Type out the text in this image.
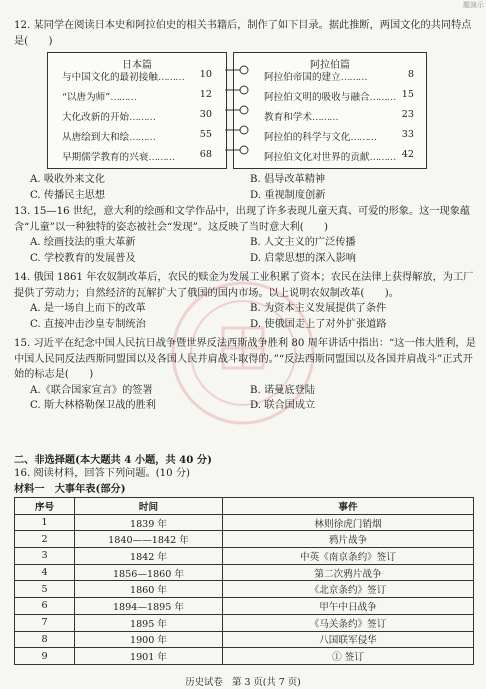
题演示

12. 某同学在阅读日本史和阿拉伯史的相关书籍后，制作了如下目录。据此推断，两国文化的共同特点是(　　)

日本篇
与中国文化的最初接触……… 10
“以唐为师”………	12
大化改新的开始………	30
从唐绘到大和绘………	55
早期儒学教育的兴衰………	68
阿拉伯篇
阿拉伯帝国的建立………	8
阿拉伯文明的吸收与融合……… 15
教育和学术………	23
阿拉伯的科学与文化………	33
阿拉伯文化对世界的贡献……… 42
A. 吸收外来文化	B. 倡导改革精神
C. 传播民主思想	D. 重视制度创新

13. 15—16 世纪，意大利的绘画和文学作品中，出现了许多表现儿童天真、可爱的形象。这一现象蕴含“儿童”以一种独特的姿态被社会“发现”。这反映了当时意大利(　　)

A. 绘画技法的重大革新	B. 人文主义的广泛传播
C. 学校教育的发展普及	D. 启蒙思想的深入影响

14. 俄国 1861 年农奴制改革后，农民的赎金为发展工业积累了资本；农民在法律上获得解放，为工厂提供了劳动力；自然经济的瓦解扩大了俄国的国内市场。以上说明农奴制改革(　　)。

A. 是一场自上而下的改革	B. 为资本主义发展提供了条件
C. 直接冲击沙皇专制统治	D. 使俄国走上了对外扩张道路

15. 习近平在纪念中国人民抗日战争暨世界反法西斯战争胜利 80 周年讲话中指出：“这一伟大胜利，是中国人民同反法西斯同盟国以及各国人民并肩战斗取得的。”“反法西斯同盟国以及各国并肩战斗”正式开始的标志是(　　)

A.《联合国家宣言》的签署	B. 诺曼底登陆
C. 斯大林格勒保卫战的胜利	D. 联合国成立
二、非选择题(本大题共 4 小题，共 40 分)

16. 阅读材料，回答下列问题。(10 分)

材料一　大事年表(部分)

序号	时间	事件
1	1839 年	林则徐虎门销烟
2	1840——1842 年	鸦片战争
3	1842 年	中英《南京条约》签订
4	1856—1860 年	第二次鸦片战争
5	1860 年	《北京条约》签订
6	1894—1895 年	甲午中日战争
7	1895 年	《马关条约》签订
8	1900 年	八国联军侵华
9	1901 年	① 签订
历史试卷　第 3 页(共 7 页)
